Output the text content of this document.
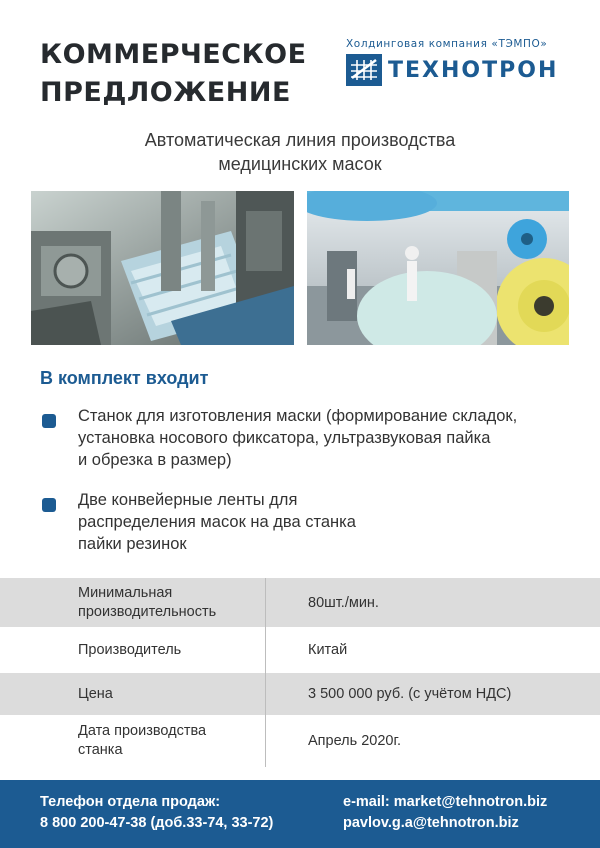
КОММЕРЧЕСКОЕ
ПРЕДЛОЖЕНИЕ
Холдинговая компания «ТЭМПО»
ТЕХНОТРОН
Автоматическая линия производства
медицинских масок
В комплект входит
Станок для изготовления маски (формирование складок,
установка носового фиксатора, ультразвуковая пайка
и обрезка в размер)
Две конвейерные ленты для
распределения масок на два станка
пайки резинок
Минимальная
производительность
80шт./мин.
Производитель	Китай
Цена	3 500 000 руб. (с учётом НДС)
Дата производства
станка
Апрель 2020г.
Телефон отдела продаж:
8 800 200-47-38 (доб.33-74, 33-72)
e-mail: market@tehnotron.biz
pavlov.g.a@tehnotron.biz
